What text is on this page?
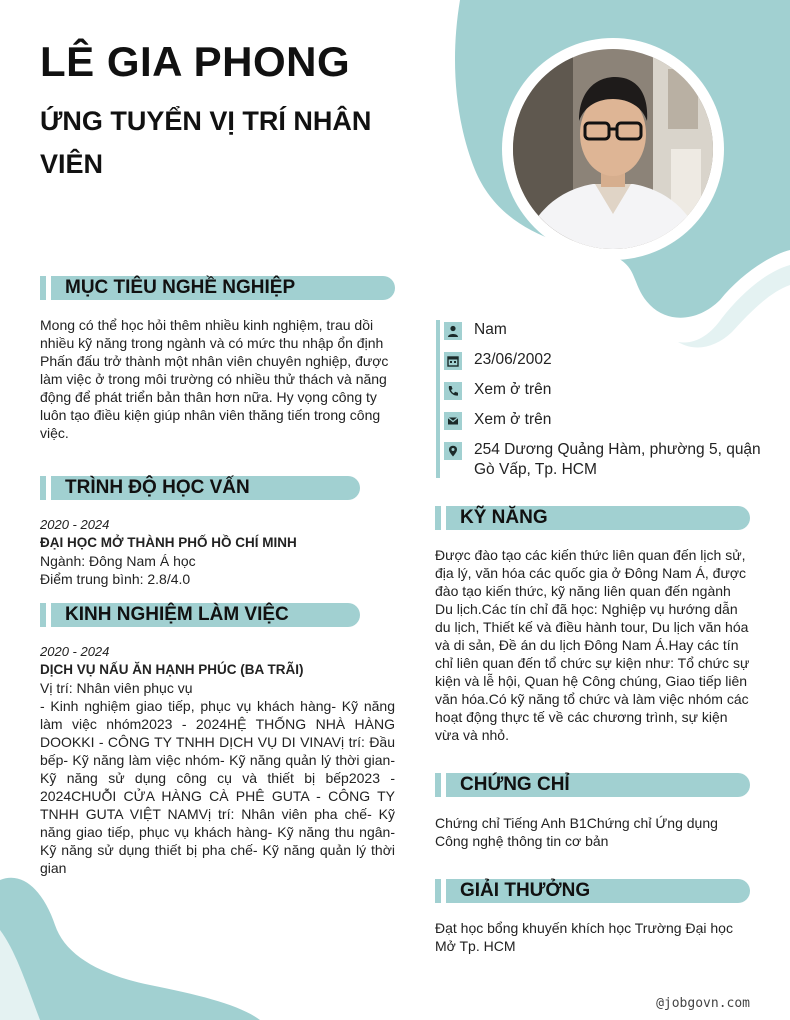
LÊ GIA PHONG
ỨNG TUYỂN VỊ TRÍ NHÂN VIÊN
MỤC TIÊU NGHỀ NGHIỆP

Mong có thể học hỏi thêm nhiều kinh nghiệm, trau dồi nhiều kỹ năng trong ngành và có mức thu nhập ổn định Phấn đấu trở thành một nhân viên chuyên nghiệp, được làm việc ở trong môi trường có nhiều thử thách và năng động để phát triển bản thân hơn nữa. Hy vọng công ty luôn tạo điều kiện giúp nhân viên thăng tiến trong công việc.

TRÌNH ĐỘ HỌC VẤN
2020 - 2024
ĐẠI HỌC MỞ THÀNH PHỐ HỒ CHÍ MINH
Ngành: Đông Nam Á học
Điểm trung bình: 2.8/4.0
KINH NGHIỆM LÀM VIỆC
2020 - 2024
DỊCH VỤ NẤU ĂN HẠNH PHÚC (BA TRÃI)
Vị trí: Nhân viên phục vụ
- Kinh nghiệm giao tiếp, phục vụ khách hàng- Kỹ năng làm việc nhóm2023 - 2024HỆ THỐNG NHÀ HÀNG DOOKKI - CÔNG TY TNHH DỊCH VỤ DI VINAVị trí: Đầu bếp- Kỹ năng làm việc nhóm- Kỹ năng quản lý thời gian- Kỹ năng sử dụng công cụ và thiết bị bếp2023 - 2024CHUỖI CỬA HÀNG CÀ PHÊ GUTA - CÔNG TY TNHH GUTA VIỆT NAMVị trí: Nhân viên pha chế- Kỹ năng giao tiếp, phục vụ khách hàng- Kỹ năng thu ngân- Kỹ năng sử dụng thiết bị pha chế- Kỹ năng quản lý thời gian
Nam
23/06/2002
Xem ở trên
Xem ở trên
254 Dương Quảng Hàm, phường 5, quận Gò Vấp, Tp. HCM
KỸ NĂNG

Được đào tạo các kiến thức liên quan đến lịch sử, địa lý, văn hóa các quốc gia ở Đông Nam Á, được đào tạo kiến thức, kỹ năng liên quan đến ngành Du lịch.Các tín chỉ đã học: Nghiệp vụ hướng dẫn du lịch, Thiết kế và điều hành tour, Du lịch văn hóa và di sản, Đề án du lịch Đông Nam Á.Hay các tín chỉ liên quan đến tổ chức sự kiện như: Tổ chức sự kiện và lễ hội, Quan hệ Công chúng, Giao tiếp liên văn hóa.Có kỹ năng tổ chức và làm việc nhóm các hoạt động thực tế về các chương trình, sự kiện vừa và nhỏ.

CHỨNG CHỈ

Chứng chỉ Tiếng Anh B1Chứng chỉ Ứng dụng Công nghệ thông tin cơ bản

GIẢI THƯỞNG

Đạt học bổng khuyến khích học Trường Đại học Mở Tp. HCM

@jobgovn.com
